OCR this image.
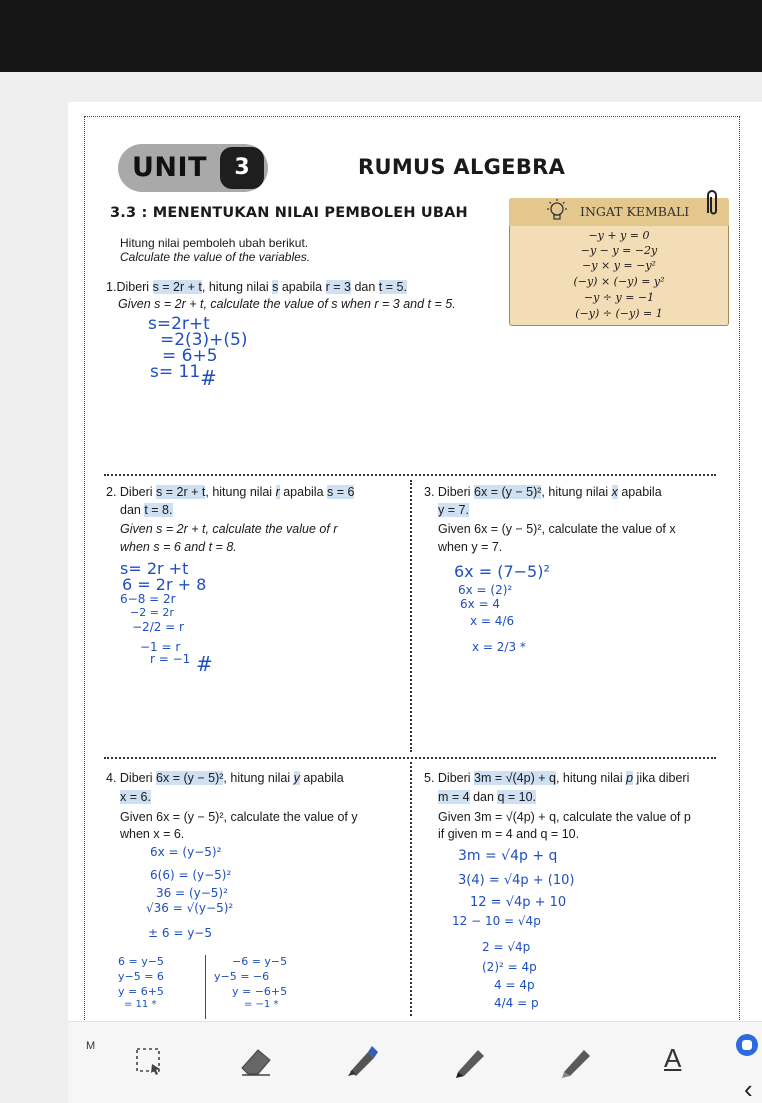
UNIT	3	RUMUS ALGEBRA
3.3 : MENENTUKAN NILAI PEMBOLEH UBAH
Hitung nilai pemboleh ubah berikut.
Calculate the value of the variables.
INGAT KEMBALI
−y + y = 0
−y − y = −2y
−y × y = −y²
(−y) × (−y) = y²
−y ÷ y = −1
(−y) ÷ (−y) = 1
1.Diberi s = 2r + t, hitung nilai s apabila r = 3 dan t = 5.
Given s = 2r + t, calculate the value of s when r = 3 and t = 5.
s=2r+t
=2(3)+(5)
= 6+5
s= 11 #
2. Diberi s = 2r + t, hitung nilai r apabila s = 6
dan t = 8.
Given s = 2r + t, calculate the value of r
when s = 6 and t = 8.
s= 2r +t
6 = 2r + 8
6−8 = 2r
−2 = 2r
−2/2 = r
−1 = r
r = −1 #
3. Diberi 6x = (y − 5)², hitung nilai x apabila
y = 7.
Given 6x = (y − 5)², calculate the value of x
when y = 7.
6x = (7−5)²
6x = (2)²
6x = 4
x = 4/6
x = 2/3 *
4. Diberi 6x = (y − 5)², hitung nilai y apabila
x = 6.
Given 6x = (y − 5)², calculate the value of y
when x = 6.
6x = (y−5)²
6(6) = (y−5)²
36 = (y−5)²
√36 = √(y−5)²
± 6 = y−5
6 = y−5
y−5 = 6
y = 6+5
= 11 *
−6 = y−5
y−5 = −6
y = −6+5
= −1 *
5. Diberi 3m = √(4p) + q, hitung nilai p jika diberi
m = 4 dan q = 10.
Given 3m = √(4p) + q, calculate the value of p
if given m = 4 and q = 10.
3m = √4p + q
3(4) = √4p + (10)
12 = √4p + 10
12 − 10 = √4p
2 = √4p
(2)² = 4p
4 = 4p
4/4 = p
M	A
‹
